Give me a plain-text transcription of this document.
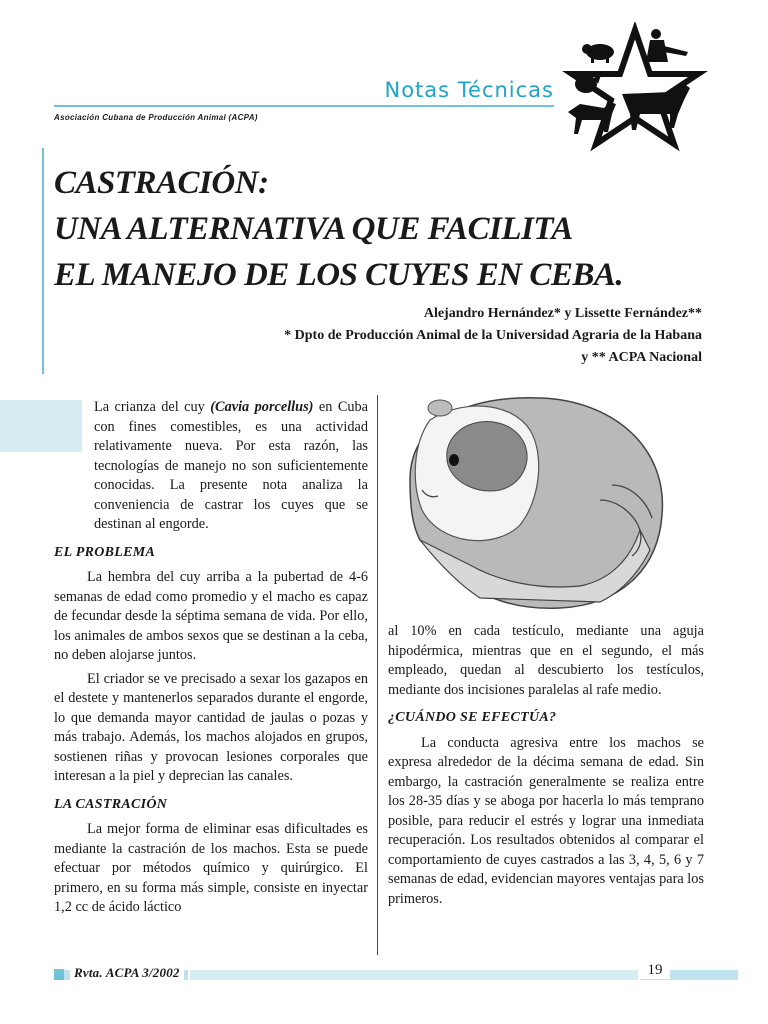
Notas Técnicas
Asociación Cubana de Producción Animal (ACPA)
CASTRACIÓN:
UNA ALTERNATIVA QUE FACILITA
EL MANEJO DE LOS CUYES EN CEBA.
Alejandro Hernández* y Lissette Fernández**
* Dpto de Producción Animal de la Universidad Agraria de la Habana
y ** ACPA Nacional

La crianza del cuy (Cavia porcellus) en Cuba con fines comestibles, es una actividad relativamente nueva. Por esta razón, las tecnologías de manejo no son suficientemente conocidas. La presente nota analiza la conveniencia de castrar los cuyes que se destinan al engorde.

EL PROBLEMA

La hembra del cuy arriba a la pubertad de 4-6 semanas de edad como promedio y el macho es capaz de fecundar desde la séptima semana de vida. Por ello, los animales de ambos sexos que se destinan a la ceba, no deben alojarse juntos.

El criador se ve precisado a sexar los gazapos en el destete y mantenerlos separados durante el engorde, lo que demanda mayor cantidad de jaulas o pozas y más trabajo. Además, los machos alojados en grupos, sostienen riñas y provocan lesiones corporales que interesan a la piel y deprecian las canales.

LA CASTRACIÓN

La mejor forma de eliminar esas dificultades es mediante la castración de los machos. Esta se puede efectuar por métodos químico y quirúrgico. El primero, en su forma más simple, consiste en inyectar 1,2 cc de ácido láctico

al 10% en cada testículo, mediante una aguja hipodérmica, mientras que en el segundo, el más empleado, quedan al descubierto los testículos, mediante dos incisiones paralelas al rafe medio.

¿CUÁNDO SE EFECTÚA?

La conducta agresiva entre los machos se expresa alrededor de la décima semana de edad. Sin embargo, la castración generalmente se realiza entre los 28-35 días y se aboga por hacerla lo más temprano posible, para reducir el estrés y lograr una inmediata recuperación. Los resultados obtenidos al comparar el comportamiento de cuyes castrados a las 3, 4, 5, 6 y 7 semanas de edad, evidencian mayores ventajas para los primeros.

Rvta. ACPA 3/2002	19
